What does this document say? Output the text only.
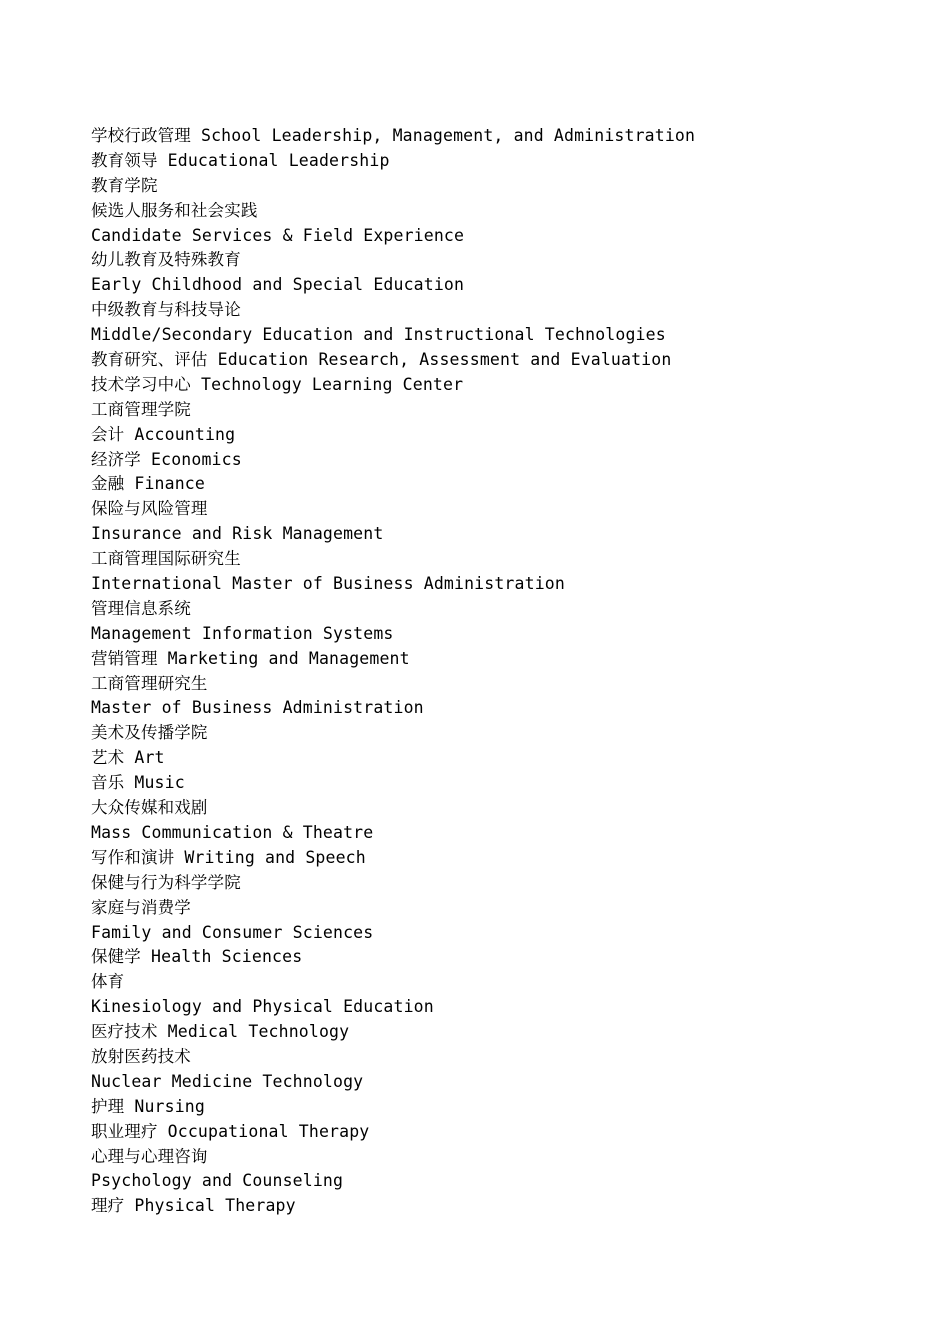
学校行政管理 School Leadership, Management, and Administration
教育领导 Educational Leadership
教育学院
候选人服务和社会实践
Candidate Services & Field Experience
幼儿教育及特殊教育
Early Childhood and Special Education
中级教育与科技导论
Middle/Secondary Education and Instructional Technologies
教育研究、评估 Education Research, Assessment and Evaluation
技术学习中心 Technology Learning Center
工商管理学院
会计 Accounting
经济学 Economics
金融 Finance
保险与风险管理
Insurance and Risk Management
工商管理国际研究生
International Master of Business Administration
管理信息系统
Management Information Systems
营销管理 Marketing and Management
工商管理研究生
Master of Business Administration
美术及传播学院
艺术 Art
音乐 Music
大众传媒和戏剧
Mass Communication & Theatre
写作和演讲 Writing and Speech
保健与行为科学学院
家庭与消费学
Family and Consumer Sciences
保健学 Health Sciences
体育
Kinesiology and Physical Education
医疗技术 Medical Technology
放射医药技术
Nuclear Medicine Technology
护理 Nursing
职业理疗 Occupational Therapy
心理与心理咨询
Psychology and Counseling
理疗 Physical Therapy
